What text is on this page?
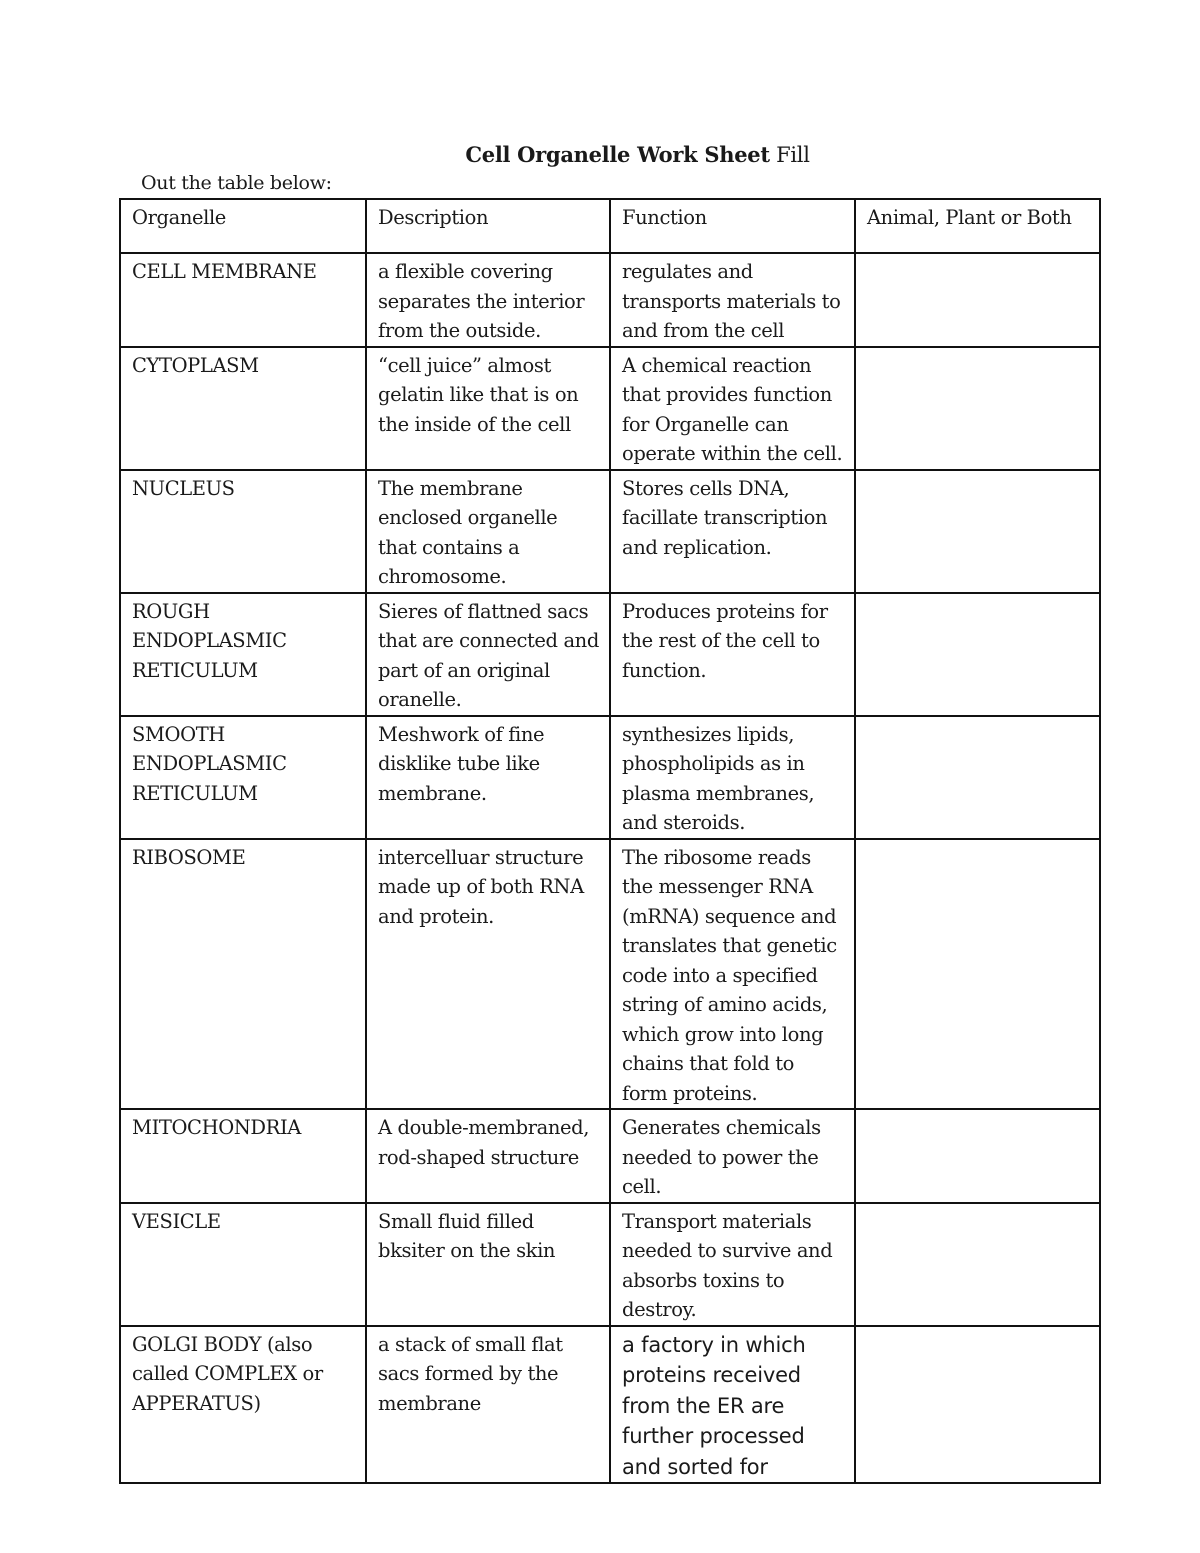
Cell Organelle Work Sheet Fill
Out the table below:
Organelle	Description	Function	Animal, Plant or Both
CELL MEMBRANE	a flexible covering separates the interior from the outside.	regulates and transports materials to and from the cell	
CYTOPLASM	“cell juice” almost gelatin like that is on the inside of the cell	A chemical reaction that provides function for Organelle can operate within the cell.	
NUCLEUS	The membrane enclosed organelle that contains a chromosome.	Stores cells DNA, facillate transcription and replication.	
ROUGH ENDOPLASMIC RETICULUM	Sieres of flattned sacs that are connected and part of an original oranelle.	Produces proteins for the rest of the cell to function.	
SMOOTH ENDOPLASMIC RETICULUM	Meshwork of fine disklike tube like membrane.	synthesizes lipids, phospholipids as in plasma membranes, and steroids.	
RIBOSOME	intercelluar structure made up of both RNA and protein.	The ribosome reads the messenger RNA (mRNA) sequence and translates that genetic code into a specified string of amino acids, which grow into long chains that fold to form proteins.	
MITOCHONDRIA	A double-membraned, rod-shaped structure	Generates chemicals needed to power the cell.	
VESICLE	Small fluid filled bksiter on the skin	Transport materials needed to survive and absorbs toxins to destroy.	
GOLGI BODY (also called COMPLEX or APPERATUS)	a stack of small flat sacs formed by the membrane	a factory in which proteins received from the ER are further processed and sorted for	
